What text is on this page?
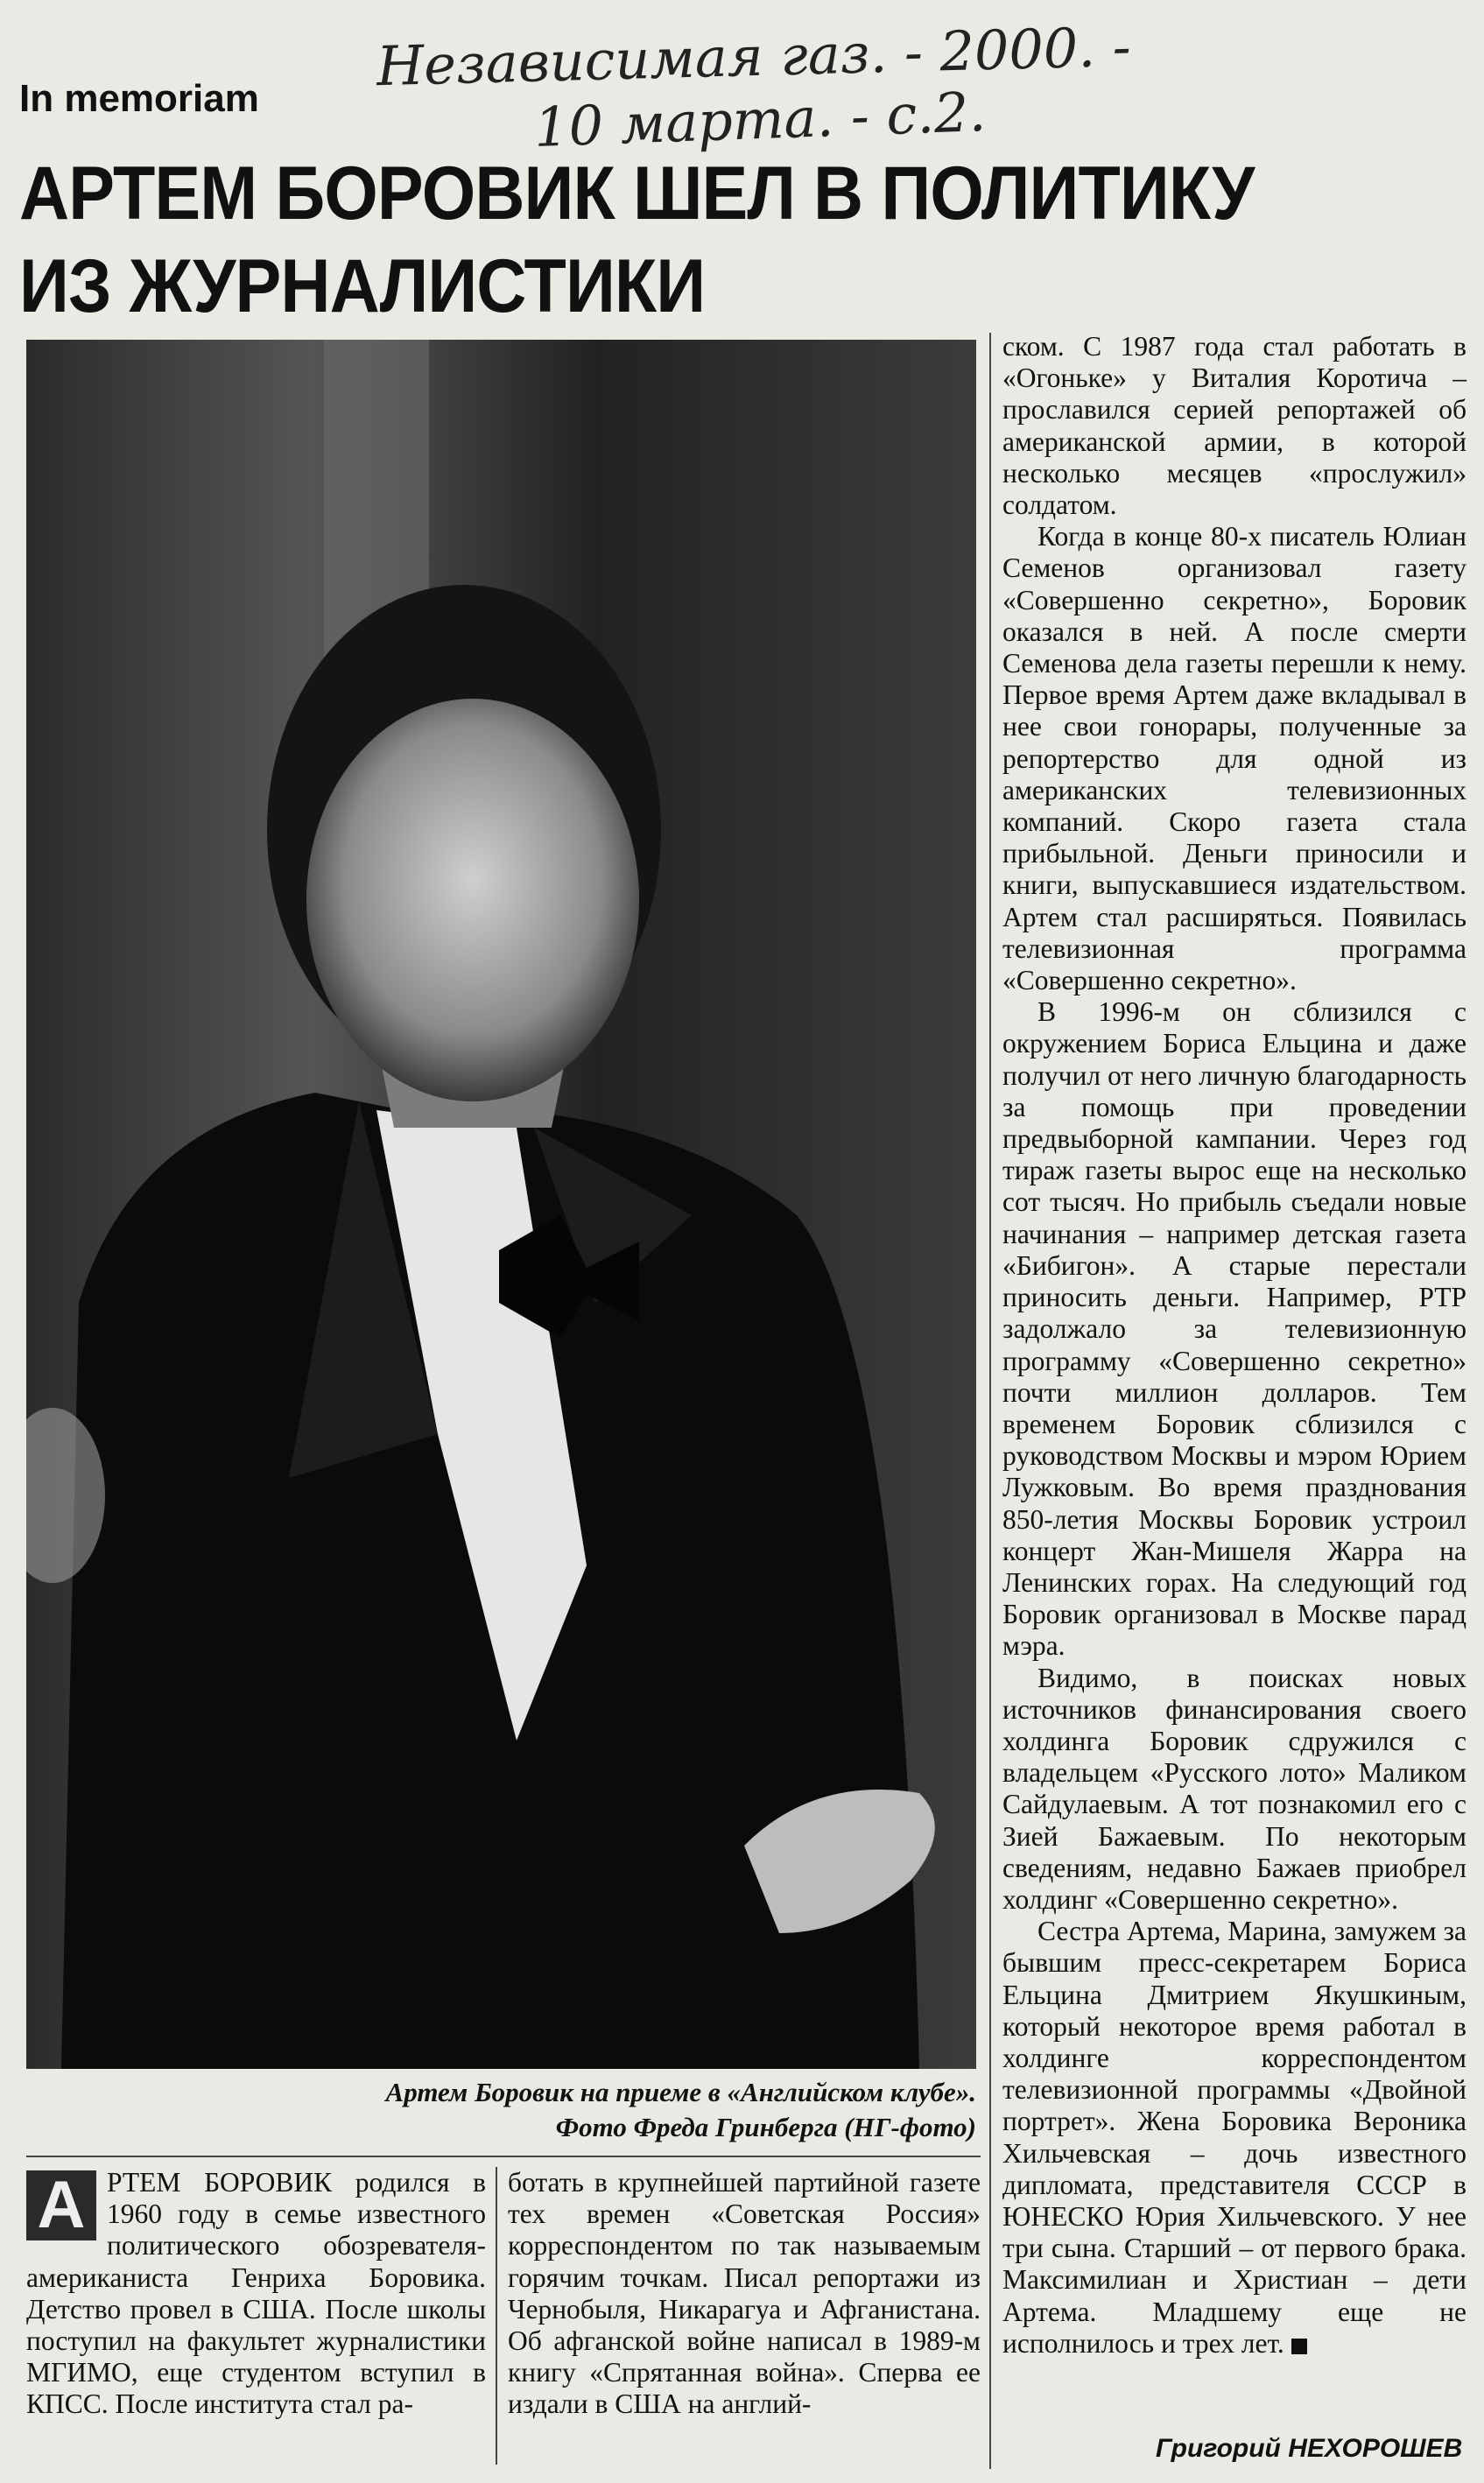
Независимая газ. - 2000. -
10 марта. - с.2.
In memoriam
АРТЕМ БОРОВИК ШЕЛ В ПОЛИТИКУ
ИЗ ЖУРНАЛИСТИКИ
Артем Боровик на приеме в «Английском клубе».
Фото Фреда Гринберга (НГ-фото)

А РТЕМ БОРОВИК родился в 1960 году в семье известного политического обозревателя-американиста Генриха Боровика. Детство провел в США. После школы поступил на факультет журналистики МГИМО, еще студентом вступил в КПСС. После института стал ра-

ботать в крупнейшей партийной газете тех времен «Советская Россия» корреспондентом по так называемым горячим точкам. Писал репортажи из Чернобыля, Никарагуа и Афганистана. Об афганской войне написал в 1989-м книгу «Спрятанная война». Сперва ее издали в США на англий-

ском. С 1987 года стал работать в «Огоньке» у Виталия Коротича – прославился серией репортажей об американской армии, в которой несколько месяцев «прослужил» солдатом.

Когда в конце 80-х писатель Юлиан Семенов организовал газету «Совершенно секретно», Боровик оказался в ней. А после смерти Семенова дела газеты перешли к нему. Первое время Артем даже вкладывал в нее свои гонорары, полученные за репортерство для одной из американских телевизионных компаний. Скоро газета стала прибыльной. Деньги приносили и книги, выпускавшиеся издательством. Артем стал расширяться. Появилась телевизионная программа «Совершенно секретно».

В 1996-м он сблизился с окружением Бориса Ельцина и даже получил от него личную благодарность за помощь при проведении предвыборной кампании. Через год тираж газеты вырос еще на несколько сот тысяч. Но прибыль съедали новые начинания – например детская газета «Бибигон». А старые перестали приносить деньги. Например, РТР задолжало за телевизионную программу «Совершенно секретно» почти миллион долларов. Тем временем Боровик сблизился с руководством Москвы и мэром Юрием Лужковым. Во время празднования 850-летия Москвы Боровик устроил концерт Жан-Мишеля Жарра на Ленинских горах. На следующий год Боровик организовал в Москве парад мэра.

Видимо, в поисках новых источников финансирования своего холдинга Боровик сдружился с владельцем «Русского лото» Маликом Сайдулаевым. А тот познакомил его с Зией Бажаевым. По некоторым сведениям, недавно Бажаев приобрел холдинг «Совершенно секретно».

Сестра Артема, Марина, замужем за бывшим пресс-секретарем Бориса Ельцина Дмитрием Якушкиным, который некоторое время работал в холдинге корреспондентом телевизионной программы «Двойной портрет». Жена Боровика Вероника Хильчевская – дочь известного дипломата, представителя СССР в ЮНЕСКО Юрия Хильчевского. У нее три сына. Старший – от первого брака. Максимилиан и Христиан – дети Артема. Младшему еще не исполнилось и трех лет.

Григорий НЕХОРОШЕВ
